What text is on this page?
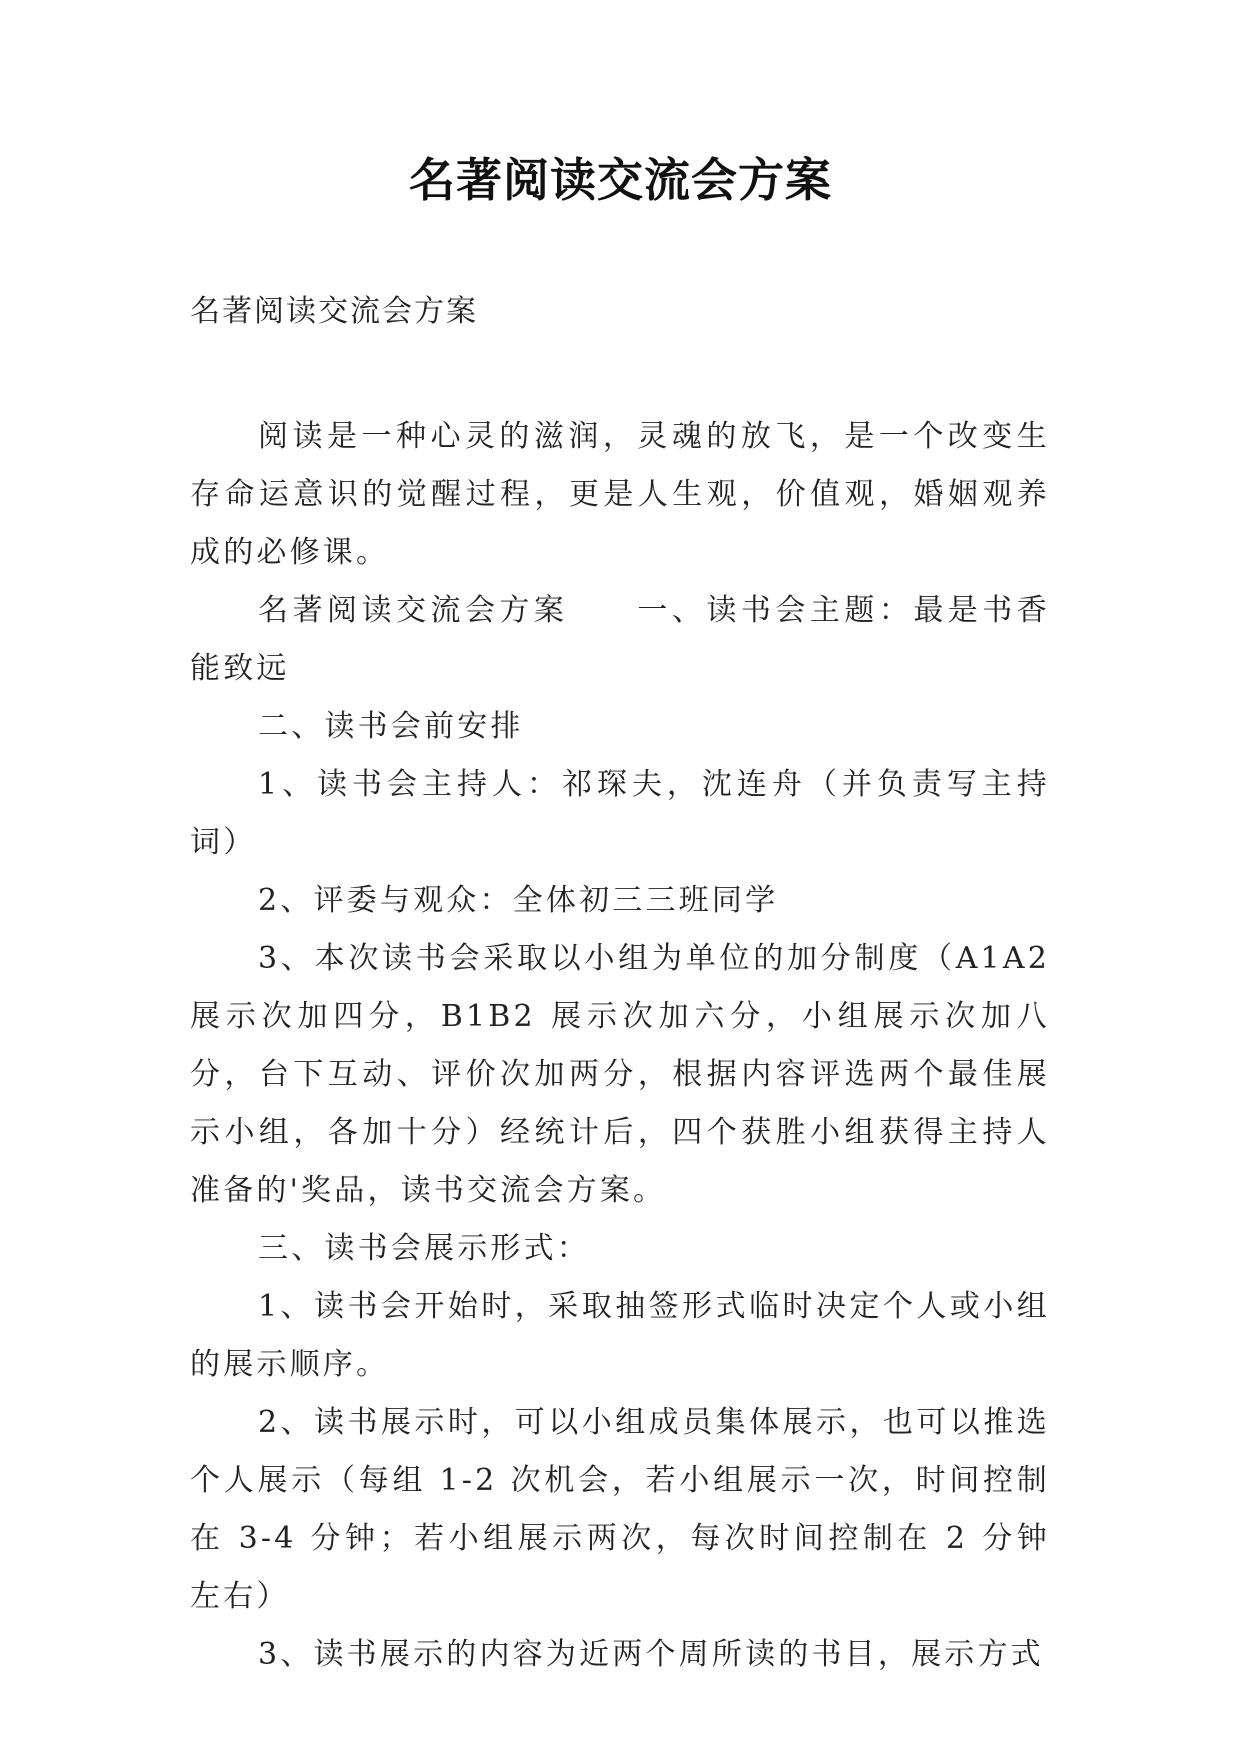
名著阅读交流会方案
名著阅读交流会方案

阅读是一种心灵的滋润，灵魂的放飞，是一个改变生存命运意识的觉醒过程，更是人生观，价值观，婚姻观养成的必修课。

名著阅读交流会方案　　一、读书会主题：最是书香能致远

二、读书会前安排

1、读书会主持人：祁琛夫，沈连舟（并负责写主持词）

2、评委与观众：全体初三三班同学

3、本次读书会采取以小组为单位的加分制度（A1A2 展示次加四分，B1B2 展示次加六分，小组展示次加八分，台下互动、评价次加两分，根据内容评选两个最佳展示小组，各加十分）经统计后，四个获胜小组获得主持人准备的'奖品，读书交流会方案。

三、读书会展示形式：

1、读书会开始时，采取抽签形式临时决定个人或小组的展示顺序。

2、读书展示时，可以小组成员集体展示，也可以推选个人展示（每组 1-2 次机会，若小组展示一次，时间控制在 3-4 分钟；若小组展示两次，每次时间控制在 2 分钟左右）

3、读书展示的内容为近两个周所读的书目，展示方式
